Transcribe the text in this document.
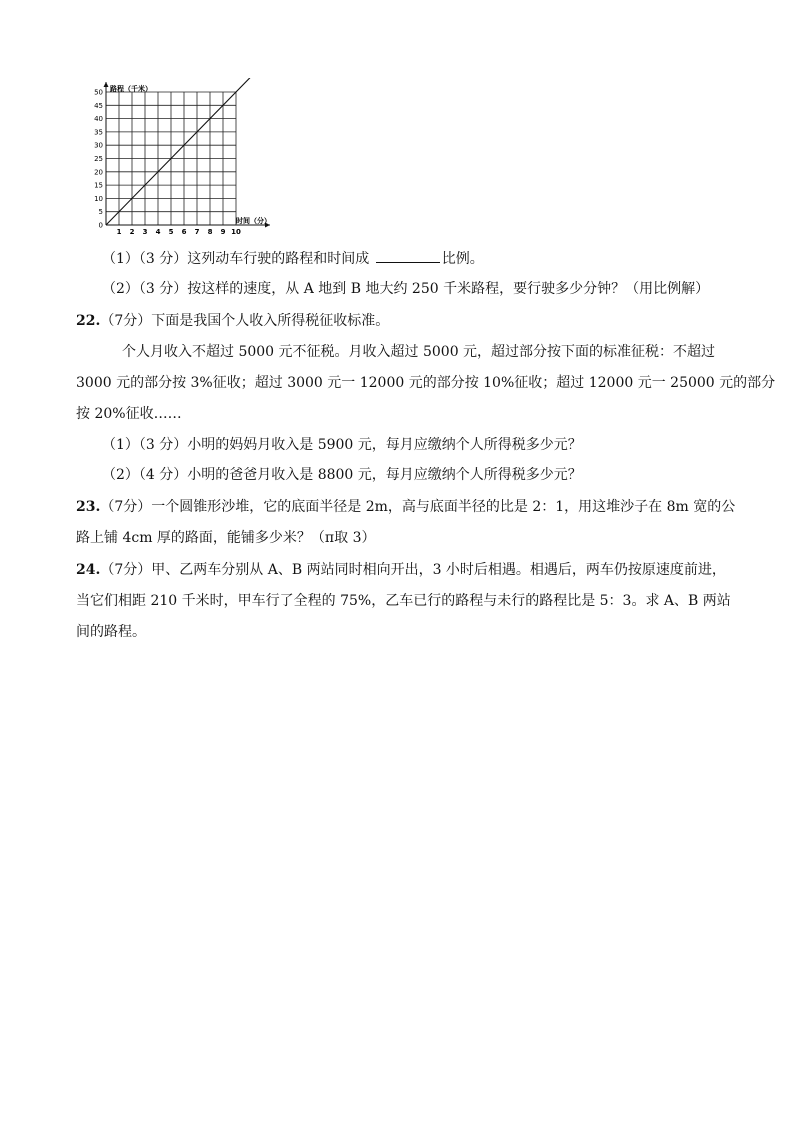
0
5
10
15
20
25
30
35
40
45
50
1 2 3 4 5 6 7 8 9 10
路程（千米）
时间（分）
（1）（3 分）这列动车行驶的路程和时间成	比例。
（2）（3 分）按这样的速度，从 A 地到 B 地大约 250 千米路程，要行驶多少分钟？（用比例解）
22.（7分）下面是我国个人收入所得税征收标准。
个人月收入不超过 5000 元不征税。月收入超过 5000 元，超过部分按下面的标准征税：不超过
3000 元的部分按 3%征收；超过 3000 元一 12000 元的部分按 10%征收；超过 12000 元一 25000 元的部分
按 20%征收……
（1）（3 分）小明的妈妈月收入是 5900 元，每月应缴纳个人所得税多少元？
（2）（4 分）小明的爸爸月收入是 8800 元，每月应缴纳个人所得税多少元？
23.（7分）一个圆锥形沙堆，它的底面半径是 2m，高与底面半径的比是 2：1，用这堆沙子在 8m 宽的公
路上铺 4cm 厚的路面，能铺多少米？（π取 3）
24.（7分）甲、乙两车分别从 A、B 两站同时相向开出，3 小时后相遇。相遇后，两车仍按原速度前进，
当它们相距 210 千米时，甲车行了全程的 75%，乙车已行的路程与未行的路程比是 5：3。求 A、B 两站
间的路程。
